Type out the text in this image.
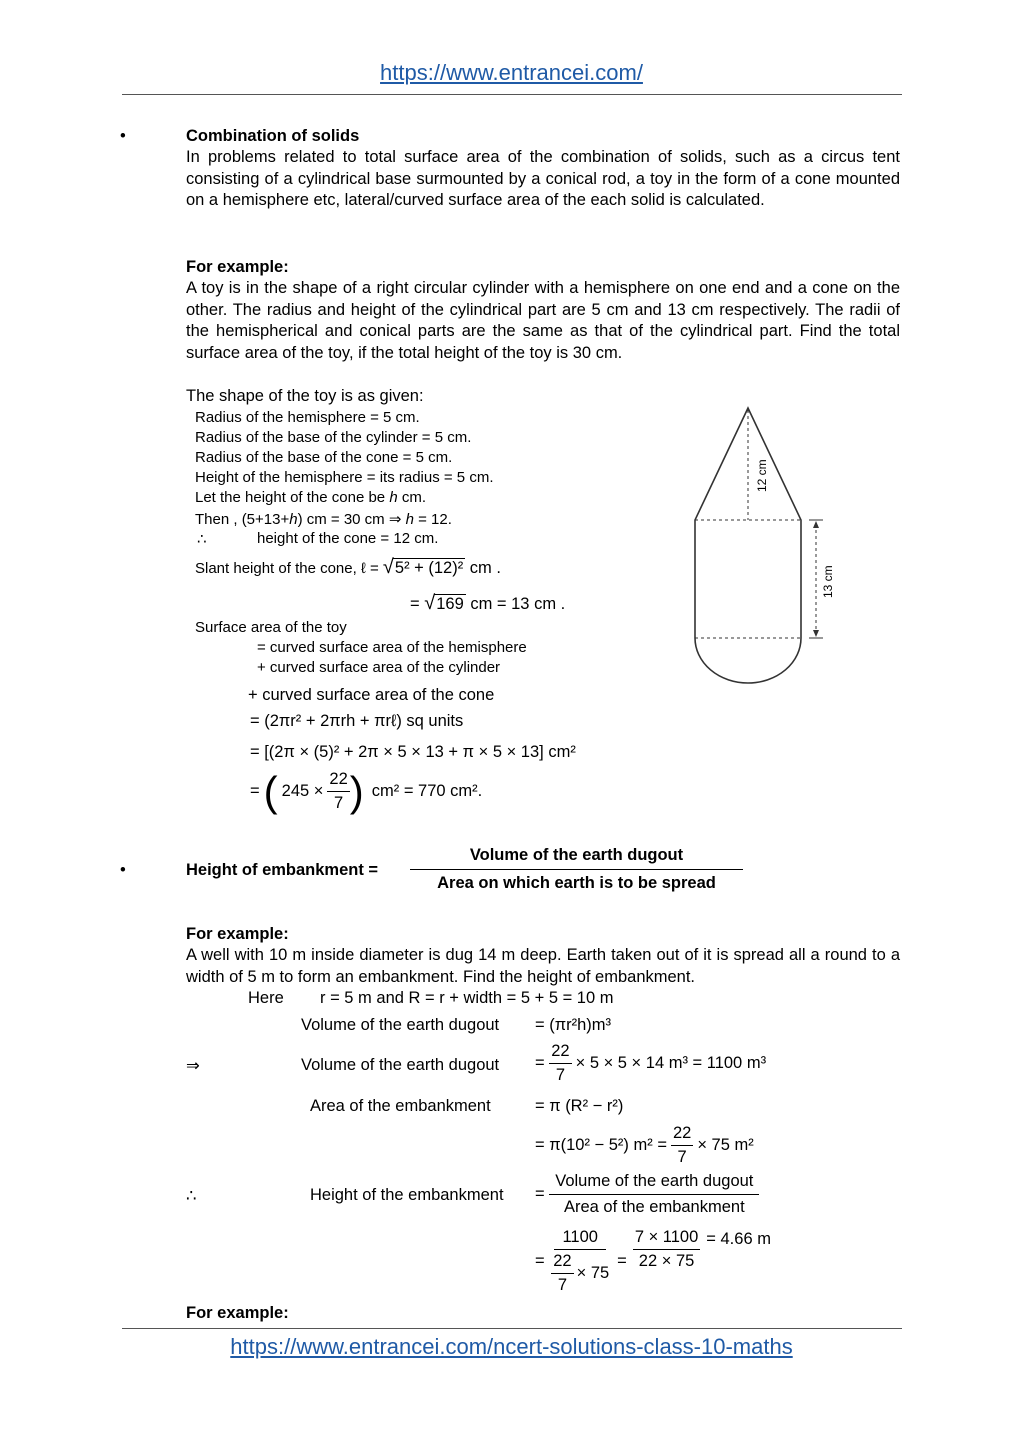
https://www.entrancei.com/
•	Combination of solids
In problems related to total surface area of the combination of solids, such as a circus tent consisting of a cylindrical base surmounted by a conical rod, a toy in the form of a cone mounted on a hemisphere etc, lateral/curved surface area of the each solid is calculated.
For example:
A toy is in the shape of a right circular cylinder with a hemisphere on one end and a cone on the other. The radius and height of the cylindrical part are 5 cm and 13 cm respectively. The radii of the hemispherical and conical parts are the same as that of the cylindrical part. Find the total surface area of the toy, if the total height of the toy is 30 cm.
The shape of the toy is as given:
Radius of the hemisphere = 5 cm.
Radius of the base of the cylinder = 5 cm.
Radius of the base of the cone = 5 cm.
Height of the hemisphere = its radius = 5 cm.
Let the height of the cone be h cm.
Then , (5+13+h) cm = 30 cm ⇒ h = 12.
∴	height of the cone = 12 cm.
Slant height of the cone, ℓ = √5² + (12)² cm .
= √169 cm = 13 cm .
Surface area of the toy
= curved surface area of the hemisphere
+ curved surface area of the cylinder
+ curved surface area of the cone
= (2πr² + 2πrh + πrℓ) sq units
= [(2π × (5)² + 2π × 5 × 13 + π × 5 × 13] cm²
= ( $245 \times \frac{22}{7}$ ) cm² = 770 cm².
12 cm
13 cm
•	Height of embankment =
Volume of the earth dugout
Area on which earth is to be spread
For example:
A well with 10 m inside diameter is dug 14 m deep. Earth taken out of it is spread all a round to a width of 5 m to form an embankment. Find the height of embankment.
Here r = 5 m and R = r + width = 5 + 5 = 10 m
Volume of the earth dugout = (πr²h)m³
⇒	Volume of the earth dugout = $\frac{22}{7} \times 5 \times 5 \times 14$ m³ = 1100 m³
Area of the embankment	= π (R² − r²)
= π(10² − 5²) $m^2 = \frac{22}{7} \times 75$ m²
∴	Height of the embankment = $\frac{\text{Volume of the earth dugout}}{\text{Area of the embankment}}$
= $\frac{1100}{\frac{22}{7} \times 75} = \frac{7 \times 1100}{22 \times 75} = 4.66$ m
For example:
https://www.entrancei.com/ncert-solutions-class-10-maths
